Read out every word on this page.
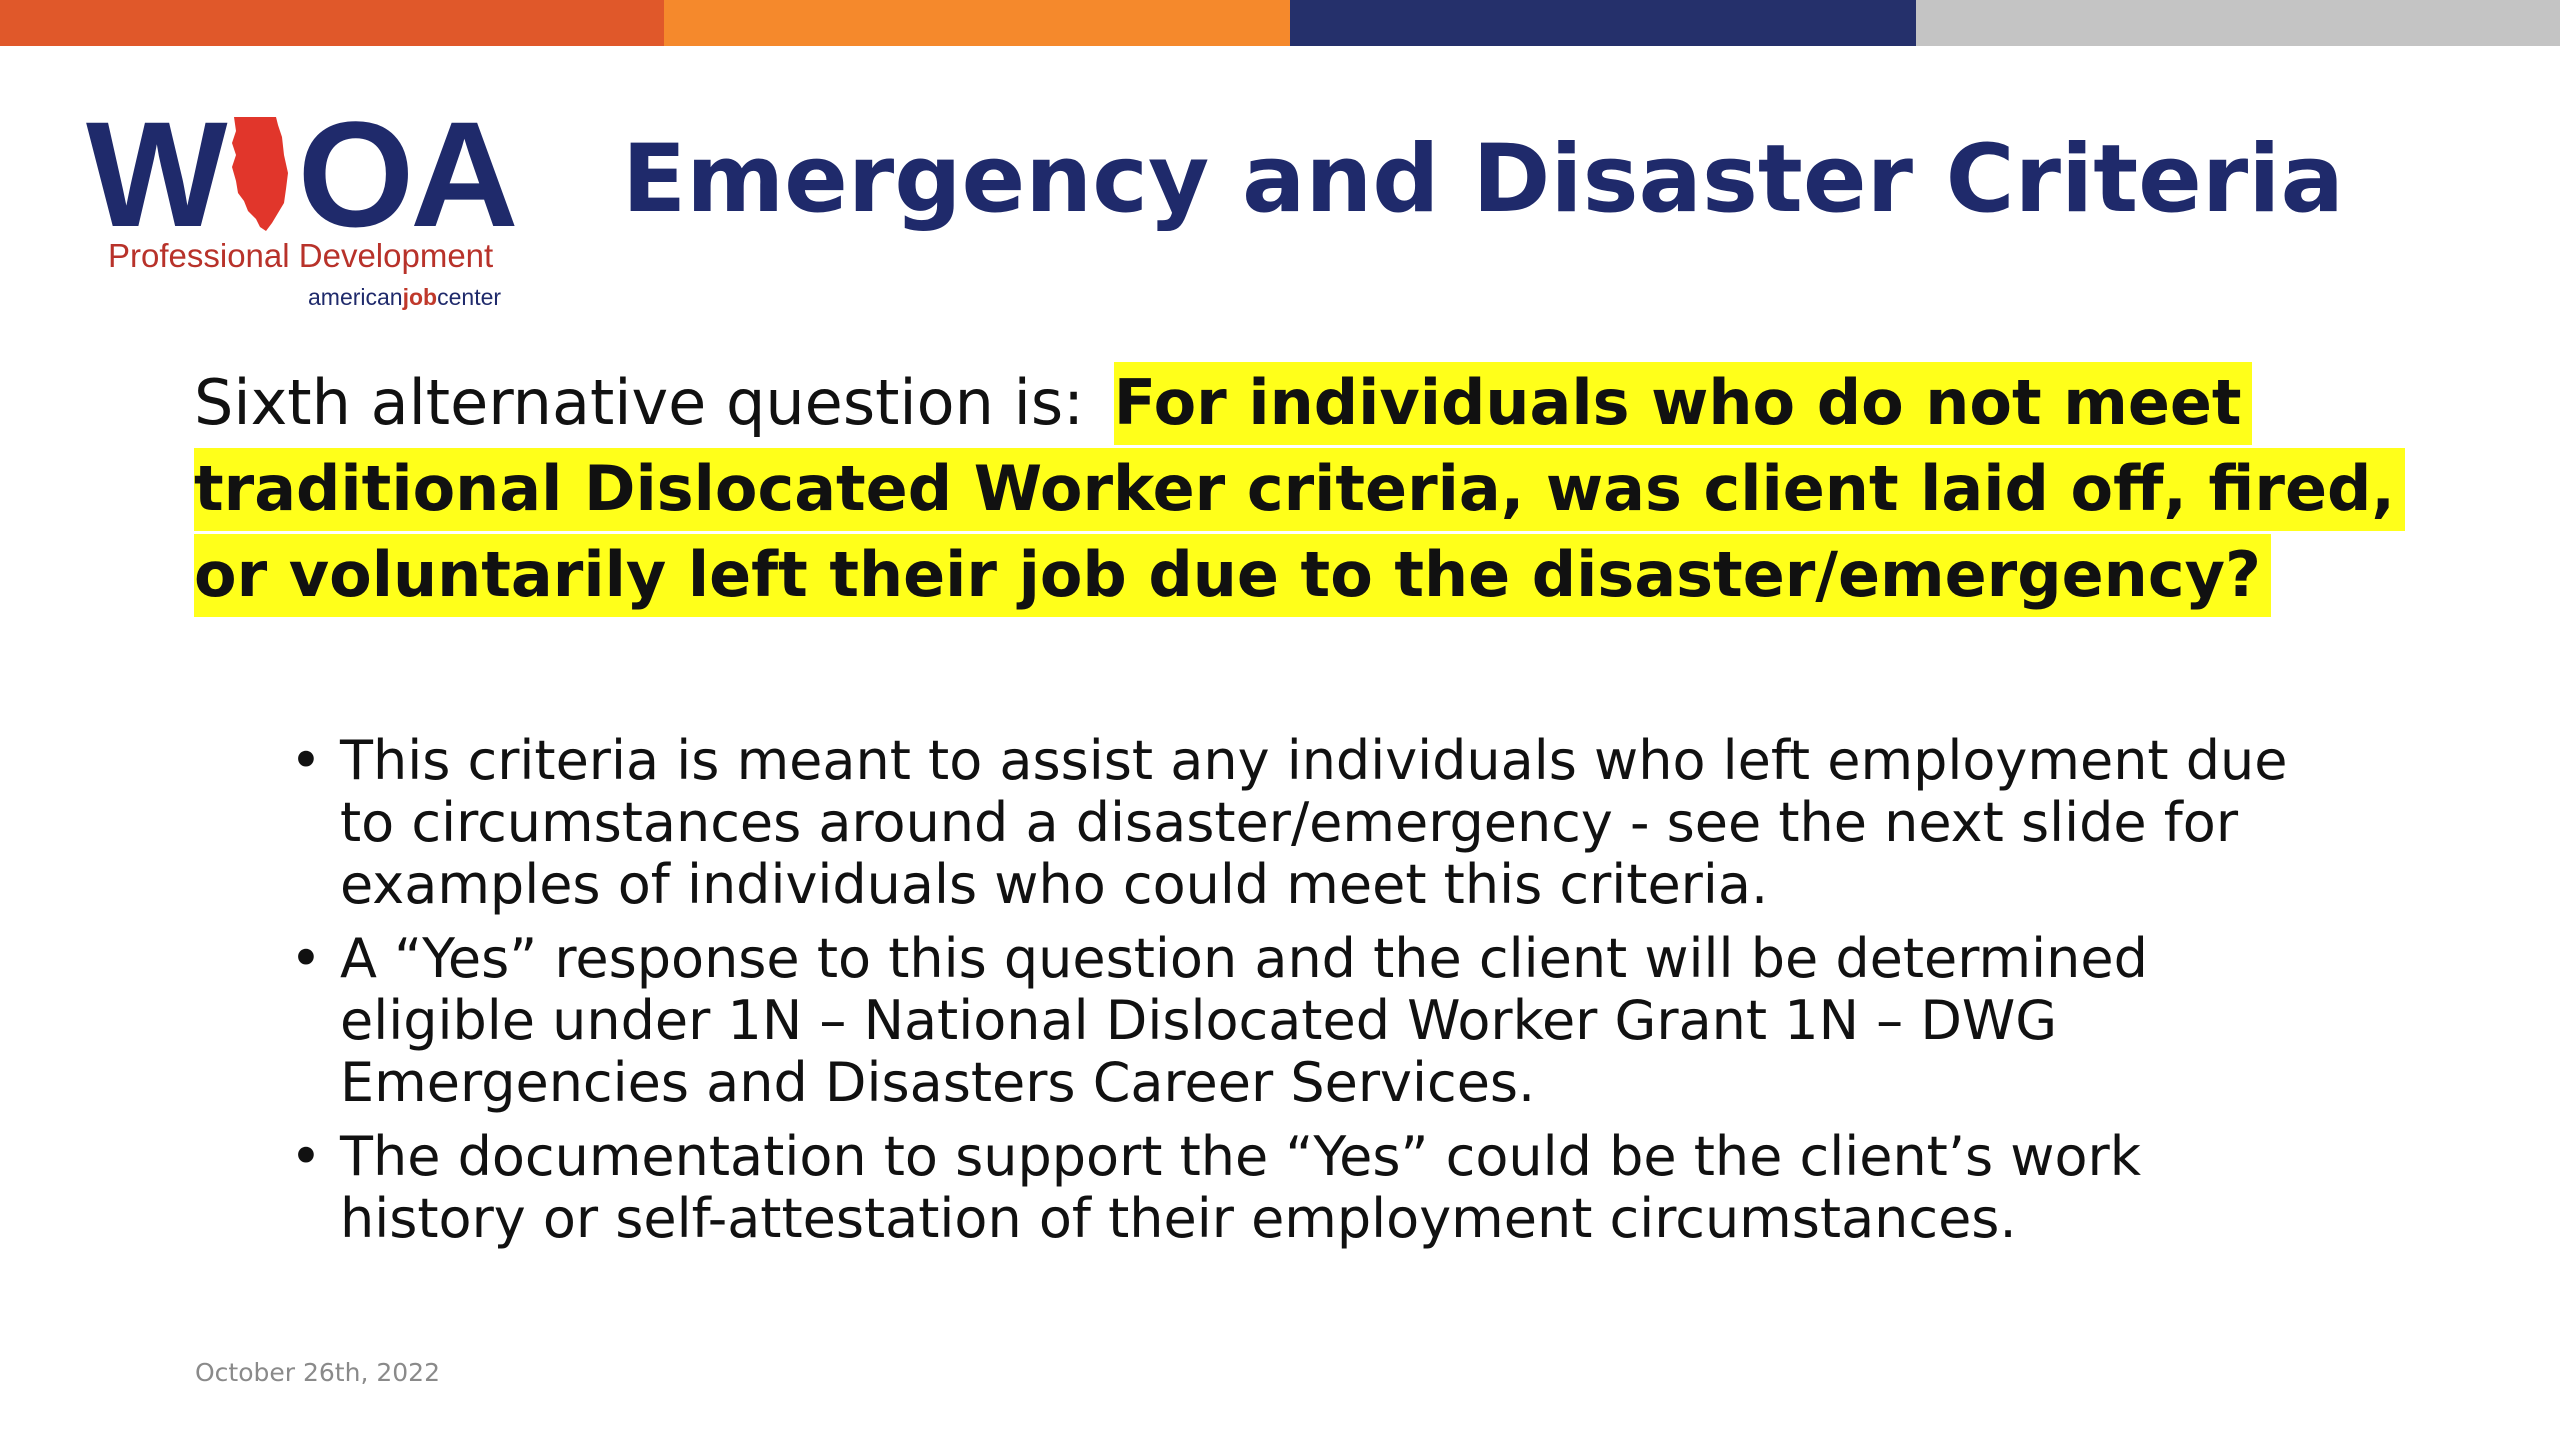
W OA
Professional Development
americanjobcenter
Emergency and Disaster Criteria

Sixth alternative question is: For individuals who do not meet traditional Dislocated Worker criteria, was client laid off, fired, or voluntarily left their job due to the disaster/emergency?

• This criteria is meant to assist any individuals who left employment due to circumstances around a disaster/emergency - see the next slide for examples of individuals who could meet this criteria.
• A “Yes” response to this question and the client will be determined eligible under 1N – National Dislocated Worker Grant 1N – DWG Emergencies and Disasters Career Services.
• The documentation to support the “Yes” could be the client’s work history or self-attestation of their employment circumstances.
October 26th, 2022
